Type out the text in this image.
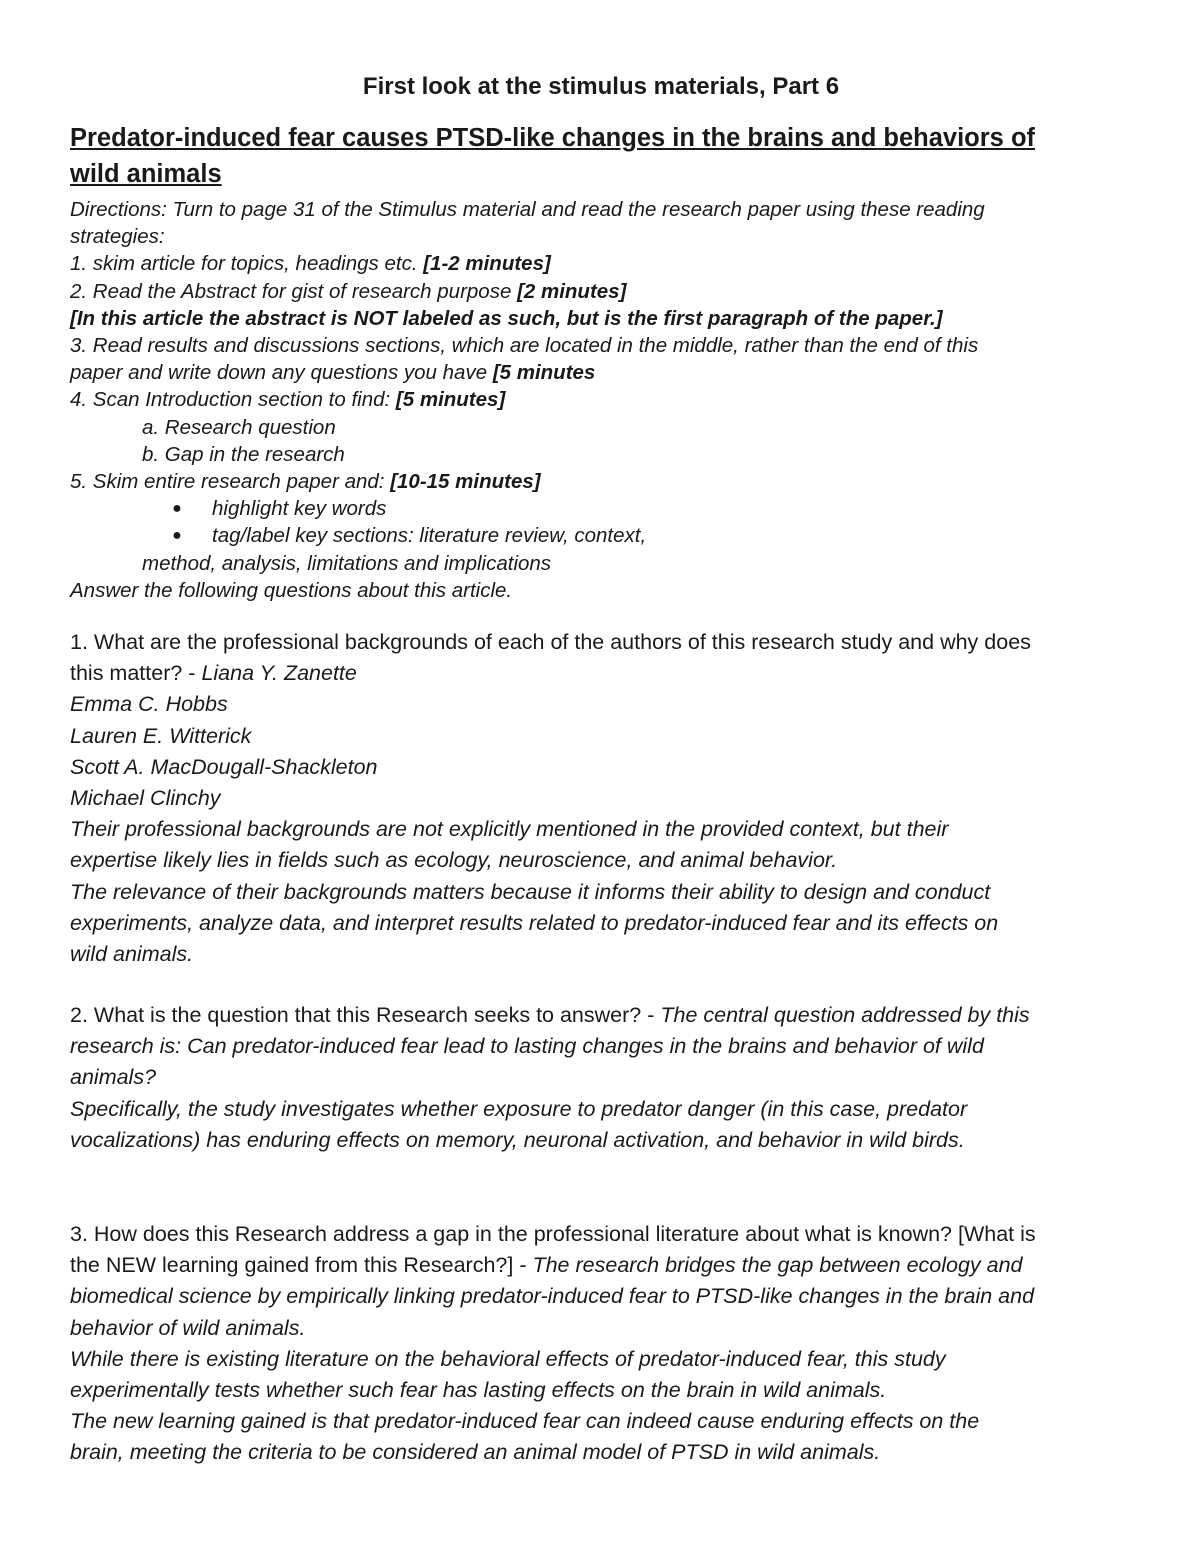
First look at the stimulus materials, Part 6
Predator-induced fear causes PTSD-like changes in the brains and behaviors of
wild animals
Directions: Turn to page 31 of the Stimulus material and read the research paper using these reading
strategies:
1. skim article for topics, headings etc. [1-2 minutes]
2. Read the Abstract for gist of research purpose [2 minutes]
[In this article the abstract is NOT labeled as such, but is the first paragraph of the paper.]
3. Read results and discussions sections, which are located in the middle, rather than the end of this
paper and write down any questions you have [5 minutes
4. Scan Introduction section to find: [5 minutes]
a. Research question
b. Gap in the research
5. Skim entire research paper and: [10-15 minutes]
● highlight key words
● tag/label key sections: literature review, context,
method, analysis, limitations and implications
Answer the following questions about this article.
1. What are the professional backgrounds of each of the authors of this research study and why does
this matter? - Liana Y. Zanette
Emma C. Hobbs
Lauren E. Witterick
Scott A. MacDougall-Shackleton
Michael Clinchy
Their professional backgrounds are not explicitly mentioned in the provided context, but their
expertise likely lies in fields such as ecology, neuroscience, and animal behavior.
The relevance of their backgrounds matters because it informs their ability to design and conduct
experiments, analyze data, and interpret results related to predator-induced fear and its effects on
wild animals.
2. What is the question that this Research seeks to answer? - The central question addressed by this
research is: Can predator-induced fear lead to lasting changes in the brains and behavior of wild
animals?
Specifically, the study investigates whether exposure to predator danger (in this case, predator
vocalizations) has enduring effects on memory, neuronal activation, and behavior in wild birds.
3. How does this Research address a gap in the professional literature about what is known? [What is
the NEW learning gained from this Research?] - The research bridges the gap between ecology and
biomedical science by empirically linking predator-induced fear to PTSD-like changes in the brain and
behavior of wild animals.
While there is existing literature on the behavioral effects of predator-induced fear, this study
experimentally tests whether such fear has lasting effects on the brain in wild animals.
The new learning gained is that predator-induced fear can indeed cause enduring effects on the
brain, meeting the criteria to be considered an animal model of PTSD in wild animals.
